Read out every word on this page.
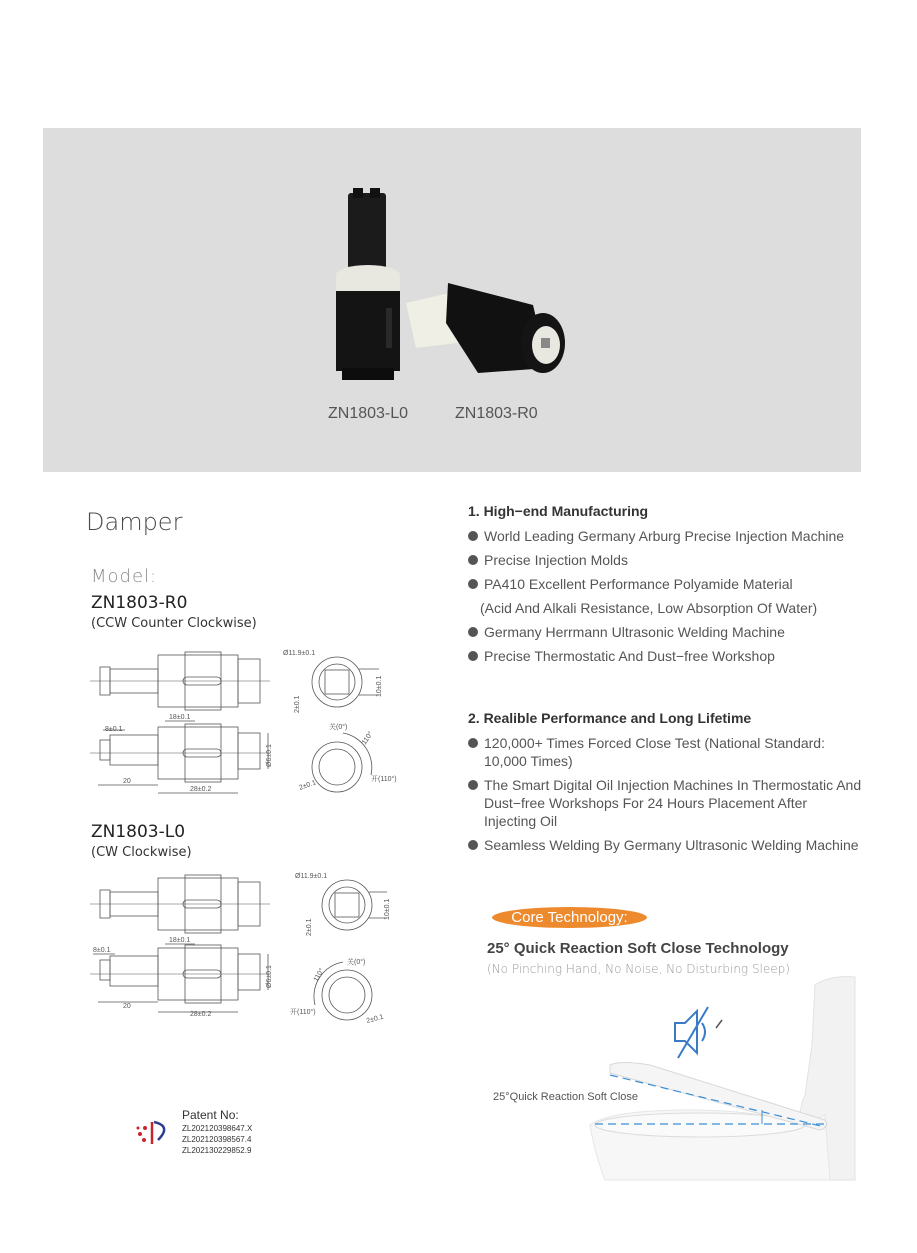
ZN1803-L0	ZN1803-R0
Damper
Model:
ZN1803-R0
(CCW Counter Clockwise)
ZN1803-L0
(CW Clockwise)
8±0.1
18±0.1
20
28±0.2
Ø6±0.1
Ø11.9±0.1
10±0.1
2±0.1
关(0°)
110°
开(110°)
2±0.1
8±0.1
18±0.1
20
28±0.2
Ø6±0.1
Ø11.9±0.1
10±0.1
2±0.1
关(0°)
110°
开(110°)
2±0.1
1. High−end Manufacturing
World Leading Germany Arburg Precise Injection Machine
Precise Injection Molds
PA410 Excellent Performance Polyamide Material
(Acid And Alkali Resistance, Low Absorption Of Water)
Germany Herrmann Ultrasonic Welding Machine
Precise Thermostatic And Dust−free Workshop
2. Realible Performance and Long Lifetime
120,000+ Times Forced Close Test (National Standard: 10,000 Times)
The Smart Digital Oil Injection Machines In Thermostatic And Dust−free Workshops For 24 Hours Placement After Injecting Oil
Seamless Welding By Germany Ultrasonic Welding Machine
Core Technology:
25° Quick Reaction Soft Close Technology
(No Pinching Hand, No Noise, No Disturbing Sleep)
25°Quick Reaction Soft Close
Patent No:
ZL202120398647.X
ZL202120398567.4
ZL202130229852.9
